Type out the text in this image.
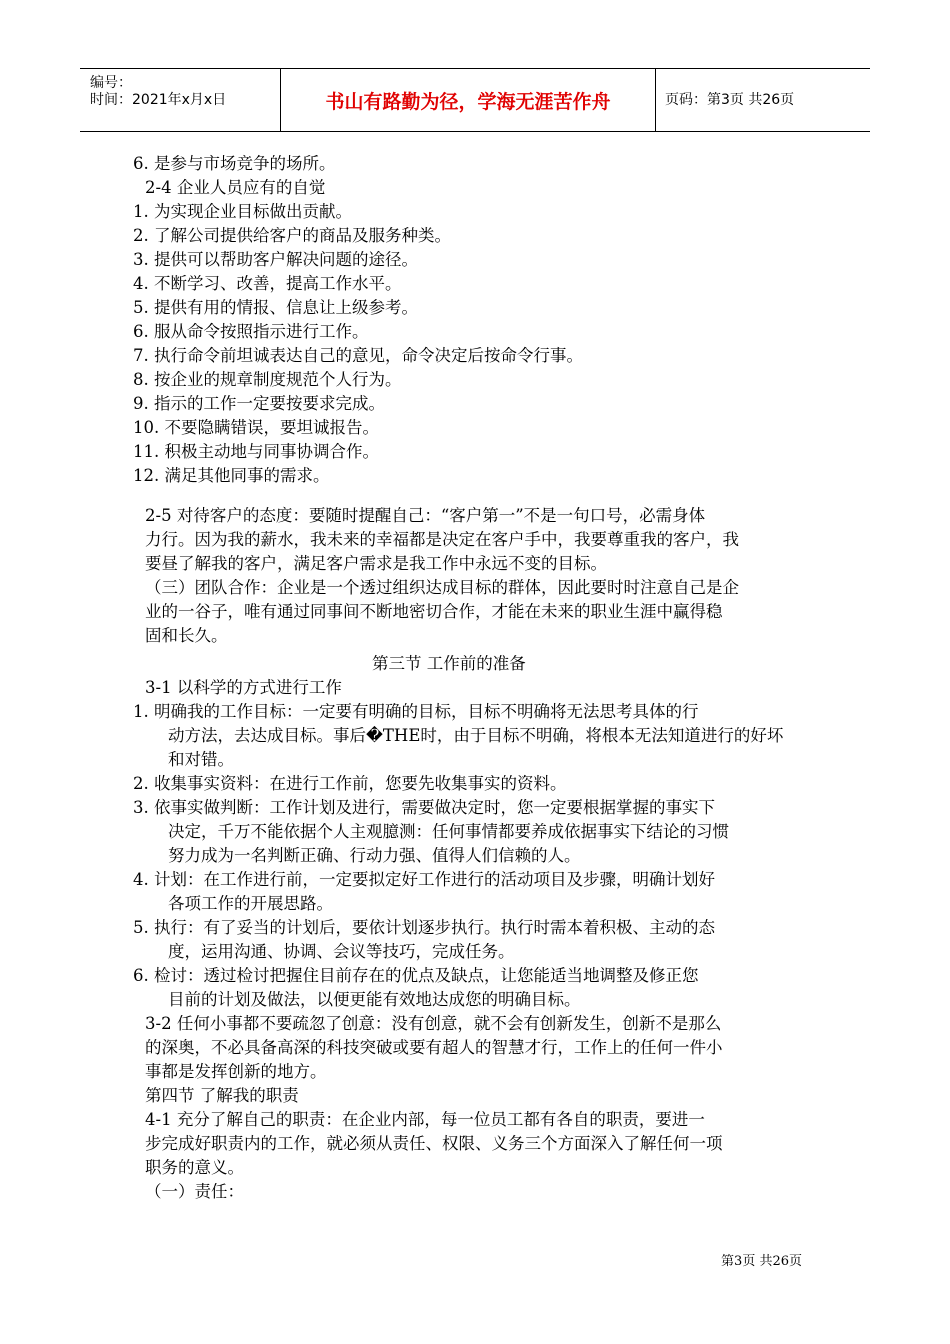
编号：
时间：2021年x月x日	书山有路勤为径，学海无涯苦作舟	页码：第3页 共26页
6. 是参与市场竞争的场所。
2-4 企业人员应有的自觉
1. 为实现企业目标做出贡献。
2. 了解公司提供给客户的商品及服务种类。
3. 提供可以帮助客户解决问题的途径。
4. 不断学习、改善，提高工作水平。
5. 提供有用的情报、信息让上级参考。
6. 服从命令按照指示进行工作。
7. 执行命令前坦诚表达自己的意见，命令决定后按命令行事。
8. 按企业的规章制度规范个人行为。
9. 指示的工作一定要按要求完成。
10. 不要隐瞒错误，要坦诚报告。
11. 积极主动地与同事协调合作。
12. 满足其他同事的需求。
2-5 对待客户的态度：要随时提醒自己：“客户第一”不是一句口号，必需身体
力行。因为我的薪水，我未来的幸福都是决定在客户手中，我要尊重我的客户，我
要昼了解我的客户，满足客户需求是我工作中永远不变的目标。
（三）团队合作：企业是一个透过组织达成目标的群体，因此要时时注意自己是企
业的一谷子，唯有通过同事间不断地密切合作，才能在未来的职业生涯中赢得稳
固和长久。
第三节 工作前的准备
3-1 以科学的方式进行工作
1. 明确我的工作目标：一定要有明确的目标，目标不明确将无法思考具体的行
动方法，去达成目标。事后�THE时，由于目标不明确，将根本无法知道进行的好坏
和对错。
2. 收集事实资料：在进行工作前，您要先收集事实的资料。
3. 依事实做判断：工作计划及进行，需要做决定时，您一定要根据掌握的事实下
决定，千万不能依据个人主观臆测：任何事情都要养成依据事实下结论的习惯
努力成为一名判断正确、行动力强、值得人们信赖的人。
4. 计划：在工作进行前，一定要拟定好工作进行的活动项目及步骤，明确计划好
各项工作的开展思路。
5. 执行：有了妥当的计划后，要依计划逐步执行。执行时需本着积极、主动的态
度，运用沟通、协调、会议等技巧，完成任务。
6. 检讨：透过检讨把握住目前存在的优点及缺点，让您能适当地调整及修正您
目前的计划及做法，以便更能有效地达成您的明确目标。
3-2 任何小事都不要疏忽了创意：没有创意，就不会有创新发生，创新不是那么
的深奥，不必具备高深的科技突破或要有超人的智慧才行，工作上的任何一件小
事都是发挥创新的地方。
第四节 了解我的职责
4-1 充分了解自己的职责：在企业内部，每一位员工都有各自的职责，要进一
步完成好职责内的工作，就必须从责任、权限、义务三个方面深入了解任何一项
职务的意义。
（一）责任：
第3页 共26页
